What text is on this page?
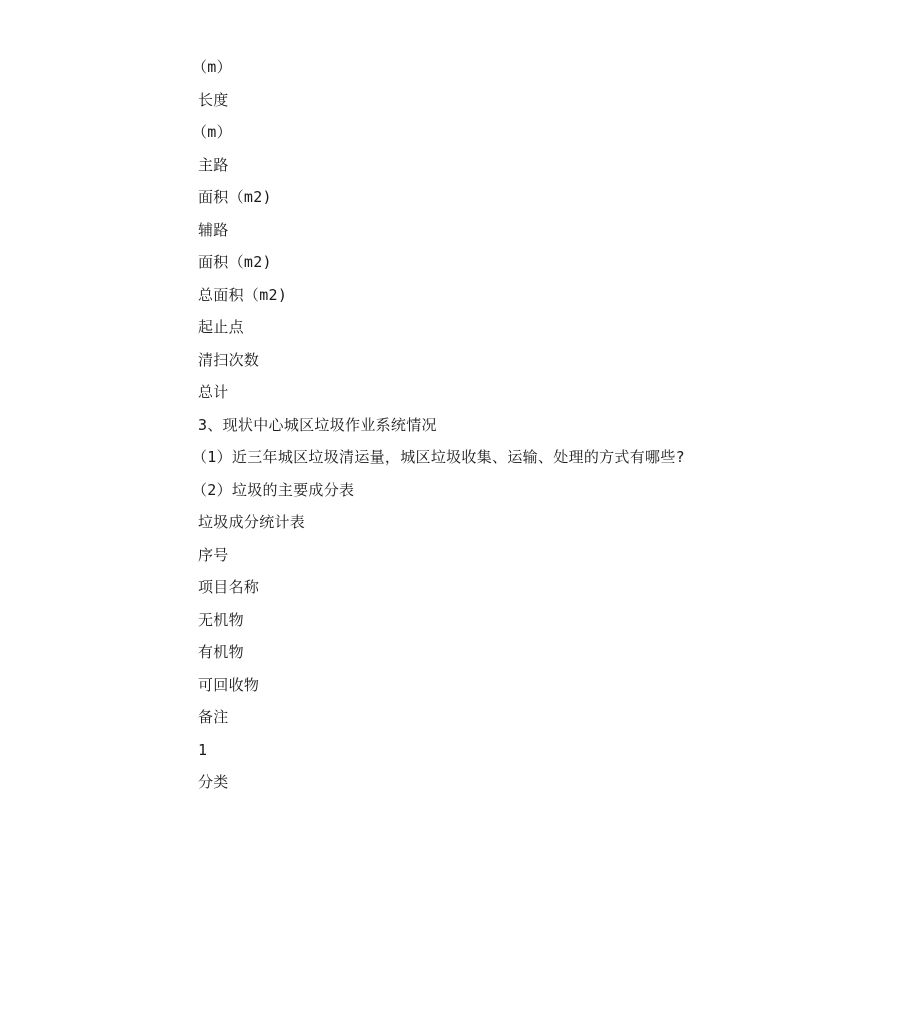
（m）
长度
（m）
主路
面积（m2)
辅路
面积（m2)
总面积（m2)
起止点
清扫次数
总计
3、现状中心城区垃圾作业系统情况
（1）近三年城区垃圾清运量，城区垃圾收集、运输、处理的方式有哪些?
（2）垃圾的主要成分表
垃圾成分统计表
序号
项目名称
无机物
有机物
可回收物
备注
1
分类
